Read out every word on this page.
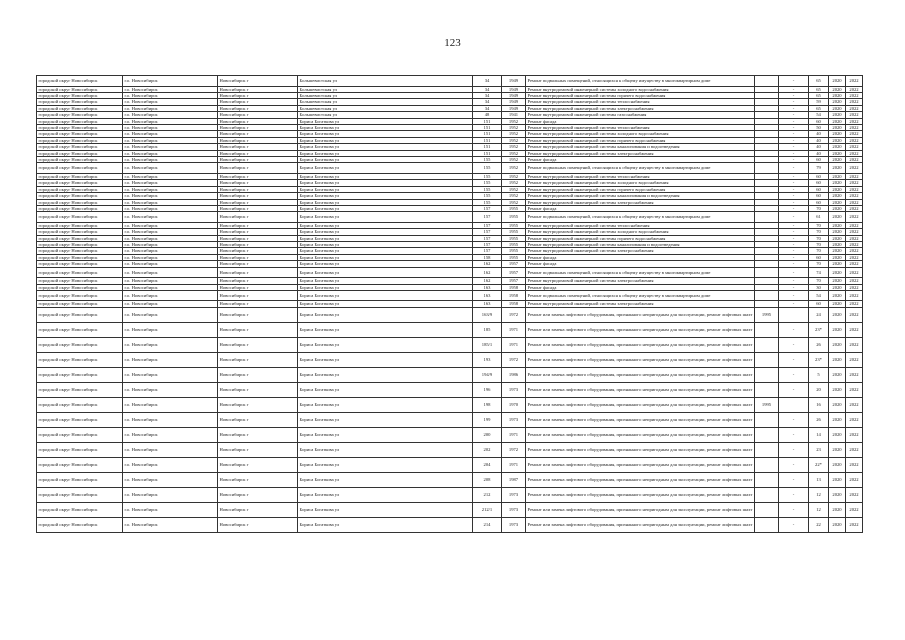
123
городской округ Новосибирск	г.о. Новосибирск	Новосибирск г	Большевистская ул	34	1949	Ремонт подвальных помещений, относящихся к общему имуществу в многоквартирном доме		-	65	2020	2022
городской округ Новосибирск	г.о. Новосибирск	Новосибирск г	Большевистская ул	34	1949	Ремонт внутридомовой инженерной системы холодного водоснабжения		-	65	2020	2022
городской округ Новосибирск	г.о. Новосибирск	Новосибирск г	Большевистская ул	34	1949	Ремонт внутридомовой инженерной системы горячего водоснабжения		-	65	2020	2022
городской округ Новосибирск	г.о. Новосибирск	Новосибирск г	Большевистская ул	34	1949	Ремонт внутридомовой инженерной системы теплоснабжения		-	59	2020	2022
городской округ Новосибирск	г.о. Новосибирск	Новосибирск г	Большевистская ул	34	1949	Ремонт внутридомовой инженерной системы электроснабжения		-	65	2020	2022
городской округ Новосибирск	г.о. Новосибирск	Новосибирск г	Большевистская ул	48	1941	Ремонт внутридомовой инженерной системы газоснабжения		-	54	2020	2022
городской округ Новосибирск	г.о. Новосибирск	Новосибирск г	Бориса Богаткова ул	151	1952	Ремонт фасада		-	60	2020	2022
городской округ Новосибирск	г.о. Новосибирск	Новосибирск г	Бориса Богаткова ул	151	1952	Ремонт внутридомовой инженерной системы теплоснабжения		-	50	2020	2022
городской округ Новосибирск	г.о. Новосибирск	Новосибирск г	Бориса Богаткова ул	151	1952	Ремонт внутридомовой инженерной системы холодного водоснабжения		-	40	2020	2022
городской округ Новосибирск	г.о. Новосибирск	Новосибирск г	Бориса Богаткова ул	151	1952	Ремонт внутридомовой инженерной системы горячего водоснабжения		-	40	2020	2022
городской округ Новосибирск	г.о. Новосибирск	Новосибирск г	Бориса Богаткова ул	151	1952	Ремонт внутридомовой инженерной системы канализования и водоотведения		-	40	2020	2022
городской округ Новосибирск	г.о. Новосибирск	Новосибирск г	Бориса Богаткова ул	151	1952	Ремонт внутридомовой инженерной системы электроснабжения		-	40	2020	2022
городской округ Новосибирск	г.о. Новосибирск	Новосибирск г	Бориса Богаткова ул	155	1952	Ремонт фасада		-	60	2020	2022
городской округ Новосибирск	г.о. Новосибирск	Новосибирск г	Бориса Богаткова ул	155	1952	Ремонт подвальных помещений, относящихся к общему имуществу в многоквартирном доме		-	79	2020	2022
городской округ Новосибирск	г.о. Новосибирск	Новосибирск г	Бориса Богаткова ул	155	1952	Ремонт внутридомовой инженерной системы теплоснабжения		-	60	2020	2022
городской округ Новосибирск	г.о. Новосибирск	Новосибирск г	Бориса Богаткова ул	155	1952	Ремонт внутридомовой инженерной системы холодного водоснабжения		-	60	2020	2022
городской округ Новосибирск	г.о. Новосибирск	Новосибирск г	Бориса Богаткова ул	155	1952	Ремонт внутридомовой инженерной системы горячего водоснабжения		-	60	2020	2022
городской округ Новосибирск	г.о. Новосибирск	Новосибирск г	Бориса Богаткова ул	155	1952	Ремонт внутридомовой инженерной системы канализования и водоотведения		-	60	2020	2022
городской округ Новосибирск	г.о. Новосибирск	Новосибирск г	Бориса Богаткова ул	155	1952	Ремонт внутридомовой инженерной системы электроснабжения		-	60	2020	2022
городской округ Новосибирск	г.о. Новосибирск	Новосибирск г	Бориса Богаткова ул	157	1955	Ремонт фасада		-	70	2020	2022
городской округ Новосибирск	г.о. Новосибирск	Новосибирск г	Бориса Богаткова ул	157	1955	Ремонт подвальных помещений, относящихся к общему имуществу в многоквартирном доме		-	61	2020	2022
городской округ Новосибирск	г.о. Новосибирск	Новосибирск г	Бориса Богаткова ул	157	1955	Ремонт внутридомовой инженерной системы теплоснабжения		-	70	2020	2022
городской округ Новосибирск	г.о. Новосибирск	Новосибирск г	Бориса Богаткова ул	157	1955	Ремонт внутридомовой инженерной системы холодного водоснабжения		-	70	2020	2022
городской округ Новосибирск	г.о. Новосибирск	Новосибирск г	Бориса Богаткова ул	157	1955	Ремонт внутридомовой инженерной системы горячего водоснабжения		-	70	2020	2022
городской округ Новосибирск	г.о. Новосибирск	Новосибирск г	Бориса Богаткова ул	157	1955	Ремонт внутридомовой инженерной системы канализования и водоотведения		-	70	2020	2022
городской округ Новосибирск	г.о. Новосибирск	Новосибирск г	Бориса Богаткова ул	157	1955	Ремонт внутридомовой инженерной системы электроснабжения		-	70	2020	2022
городской округ Новосибирск	г.о. Новосибирск	Новосибирск г	Бориса Богаткова ул	158	1955	Ремонт фасада		-	60	2020	2022
городской округ Новосибирск	г.о. Новосибирск	Новосибирск г	Бориса Богаткова ул	162	1957	Ремонт фасада		-	70	2020	2022
городской округ Новосибирск	г.о. Новосибирск	Новосибирск г	Бориса Богаткова ул	162	1957	Ремонт подвальных помещений, относящихся к общему имуществу в многоквартирном доме		-	74	2020	2022
городской округ Новосибирск	г.о. Новосибирск	Новосибирск г	Бориса Богаткова ул	162	1957	Ремонт внутридомовой инженерной системы электроснабжения		-	70	2020	2022
городской округ Новосибирск	г.о. Новосибирск	Новосибирск г	Бориса Богаткова ул	163	1958	Ремонт фасада		-	30	2020	2022
городской округ Новосибирск	г.о. Новосибирск	Новосибирск г	Бориса Богаткова ул	163	1958	Ремонт подвальных помещений, относящихся к общему имуществу в многоквартирном доме		-	54	2020	2022
городской округ Новосибирск	г.о. Новосибирск	Новосибирск г	Бориса Богаткова ул	163	1958	Ремонт внутридомовой инженерной системы электроснабжения		-	60	2020	2022
городской округ Новосибирск	г.о. Новосибирск	Новосибирск г	Бориса Богаткова ул	163/9	1972	Ремонт или замена лифтового оборудования, признанного непригодным для эксплуатации, ремонт лифтовых шахт	1995		24	2020	2022
городской округ Новосибирск	г.о. Новосибирск	Новосибирск г	Бориса Богаткова ул	185	1971	Ремонт или замена лифтового оборудования, признанного непригодным для эксплуатации, ремонт лифтовых шахт		-	23*	2020	2022
городской округ Новосибирск	г.о. Новосибирск	Новосибирск г	Бориса Богаткова ул	185/1	1971	Ремонт или замена лифтового оборудования, признанного непригодным для эксплуатации, ремонт лифтовых шахт		-	26	2020	2022
городской округ Новосибирск	г.о. Новосибирск	Новосибирск г	Бориса Богаткова ул	193	1972	Ремонт или замена лифтового оборудования, признанного непригодным для эксплуатации, ремонт лифтовых шахт		-	23*	2020	2022
городской округ Новосибирск	г.о. Новосибирск	Новосибирск г	Бориса Богаткова ул	194/9	1986	Ремонт или замена лифтового оборудования, признанного непригодным для эксплуатации, ремонт лифтовых шахт		-	5	2020	2022
городской округ Новосибирск	г.о. Новосибирск	Новосибирск г	Бориса Богаткова ул	196	1973	Ремонт или замена лифтового оборудования, признанного непригодным для эксплуатации, ремонт лифтовых шахт		-	20	2020	2022
городской округ Новосибирск	г.о. Новосибирск	Новосибирск г	Бориса Богаткова ул	198	1970	Ремонт или замена лифтового оборудования, признанного непригодным для эксплуатации, ремонт лифтовых шахт	1995		16	2020	2022
городской округ Новосибирск	г.о. Новосибирск	Новосибирск г	Бориса Богаткова ул	199	1973	Ремонт или замена лифтового оборудования, признанного непригодным для эксплуатации, ремонт лифтовых шахт		-	26	2020	2022
городской округ Новосибирск	г.о. Новосибирск	Новосибирск г	Бориса Богаткова ул	200	1971	Ремонт или замена лифтового оборудования, признанного непригодным для эксплуатации, ремонт лифтовых шахт		-	14	2020	2022
городской округ Новосибирск	г.о. Новосибирск	Новосибирск г	Бориса Богаткова ул	202	1972	Ремонт или замена лифтового оборудования, признанного непригодным для эксплуатации, ремонт лифтовых шахт		-	23	2020	2022
городской округ Новосибирск	г.о. Новосибирск	Новосибирск г	Бориса Богаткова ул	204	1971	Ремонт или замена лифтового оборудования, признанного непригодным для эксплуатации, ремонт лифтовых шахт		-	22*	2020	2022
городской округ Новосибирск	г.о. Новосибирск	Новосибирск г	Бориса Богаткова ул	208	1987	Ремонт или замена лифтового оборудования, признанного непригодным для эксплуатации, ремонт лифтовых шахт		-	13	2020	2022
городской округ Новосибирск	г.о. Новосибирск	Новосибирск г	Бориса Богаткова ул	212	1973	Ремонт или замена лифтового оборудования, признанного непригодным для эксплуатации, ремонт лифтовых шахт		-	12	2020	2022
городской округ Новосибирск	г.о. Новосибирск	Новосибирск г	Бориса Богаткова ул	212/1	1973	Ремонт или замена лифтового оборудования, признанного непригодным для эксплуатации, ремонт лифтовых шахт		-	12	2020	2022
городской округ Новосибирск	г.о. Новосибирск	Новосибирск г	Бориса Богаткова ул	214	1973	Ремонт или замена лифтового оборудования, признанного непригодным для эксплуатации, ремонт лифтовых шахт		-	22	2020	2022
